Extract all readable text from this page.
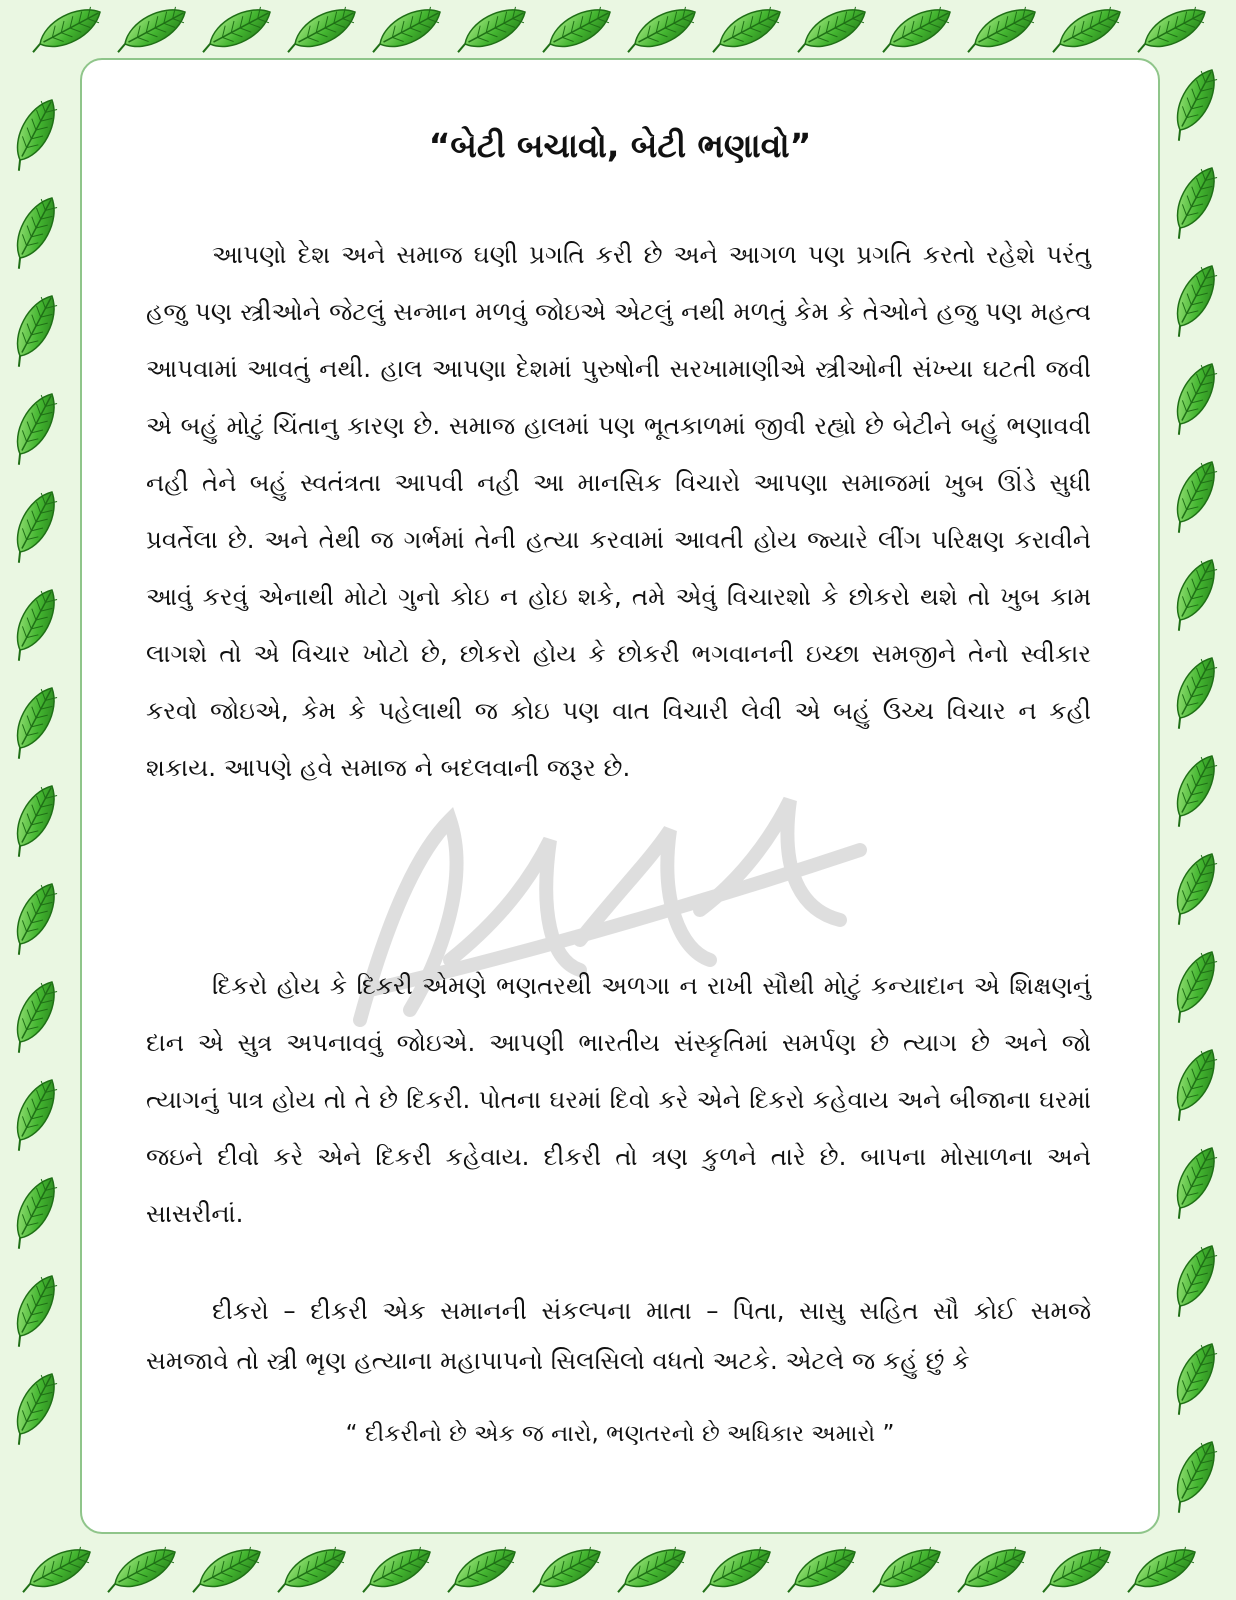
“બેટી બચાવો, બેટી ભણાવો”

આપણો દેશ અને સમાજ ઘણી પ્રગતિ કરી છે અને આગળ પણ પ્રગતિ કરતો રહેશે પરંતુ હજુ પણ સ્ત્રીઓને જેટલું સન્માન મળવું જોઇએ એટલું નથી મળતું કેમ કે તેઓને હજુ પણ મહત્વ આપવામાં આવતું નથી. હાલ આપણા દેશમાં પુરુષોની સરખામાણીએ સ્ત્રીઓની સંખ્યા ઘટતી જવી એ બહું મોટું ચિંતાનુ કારણ છે. સમાજ હાલમાં પણ ભૂતકાળમાં જીવી રહ્યો છે બેટીને બહું ભણાવવી નહી તેને બહું સ્વતંત્રતા આપવી નહી આ માનસિક વિચારો આપણા સમાજમાં ખુબ ઊંડે સુધી પ્રવર્તેલા છે. અને તેથી જ ગર્ભમાં તેની હત્યા કરવામાં આવતી હોય જ્યારે લીંગ પરિક્ષણ કરાવીને આવું કરવું એનાથી મોટો ગુનો કોઇ ન હોઇ શકે, તમે એવું વિચારશો કે છોકરો થશે તો ખુબ કામ લાગશે તો એ વિચાર ખોટો છે, છોકરો હોય કે છોકરી ભગવાનની ઇચ્છા સમજીને તેનો સ્વીકાર કરવો જોઇએ, કેમ કે પહેલાથી જ કોઇ પણ વાત વિચારી લેવી એ બહું ઉચ્ચ વિચાર ન કહી શકાય. આપણે હવે સમાજ ને બદલવાની જરૂર છે.

દિકરો હોય કે દિકરી એમણે ભણતરથી અળગા ન રાખી સૌથી મોટું કન્યાદાન એ શિક્ષણનું દાન એ સુત્ર અપનાવવું જોઇએ. આપણી ભારતીય સંસ્કૃતિમાં સમર્પણ છે ત્યાગ છે અને જો ત્યાગનું પાત્ર હોય તો તે છે દિકરી. પોતના ઘરમાં દિવો કરે એને દિકરો કહેવાય અને બીજાના ઘરમાં જઇને દીવો કરે એને દિકરી કહેવાય. દીકરી તો ત્રણ કુળને તારે છે. બાપના મોસાળના અને સાસરીનાં.

દીકરો – દીકરી એક સમાનની સંકલ્પના માતા – પિતા, સાસુ સહિત સૌ કોઈ સમજે સમજાવે તો સ્ત્રી ભૃણ હત્યાના મહાપાપનો સિલસિલો વધતો અટકે. એટલે જ કહું છું કે

“ દીકરીનો છે એક જ નારો, ભણતરનો છે અધિકાર અમારો ”
